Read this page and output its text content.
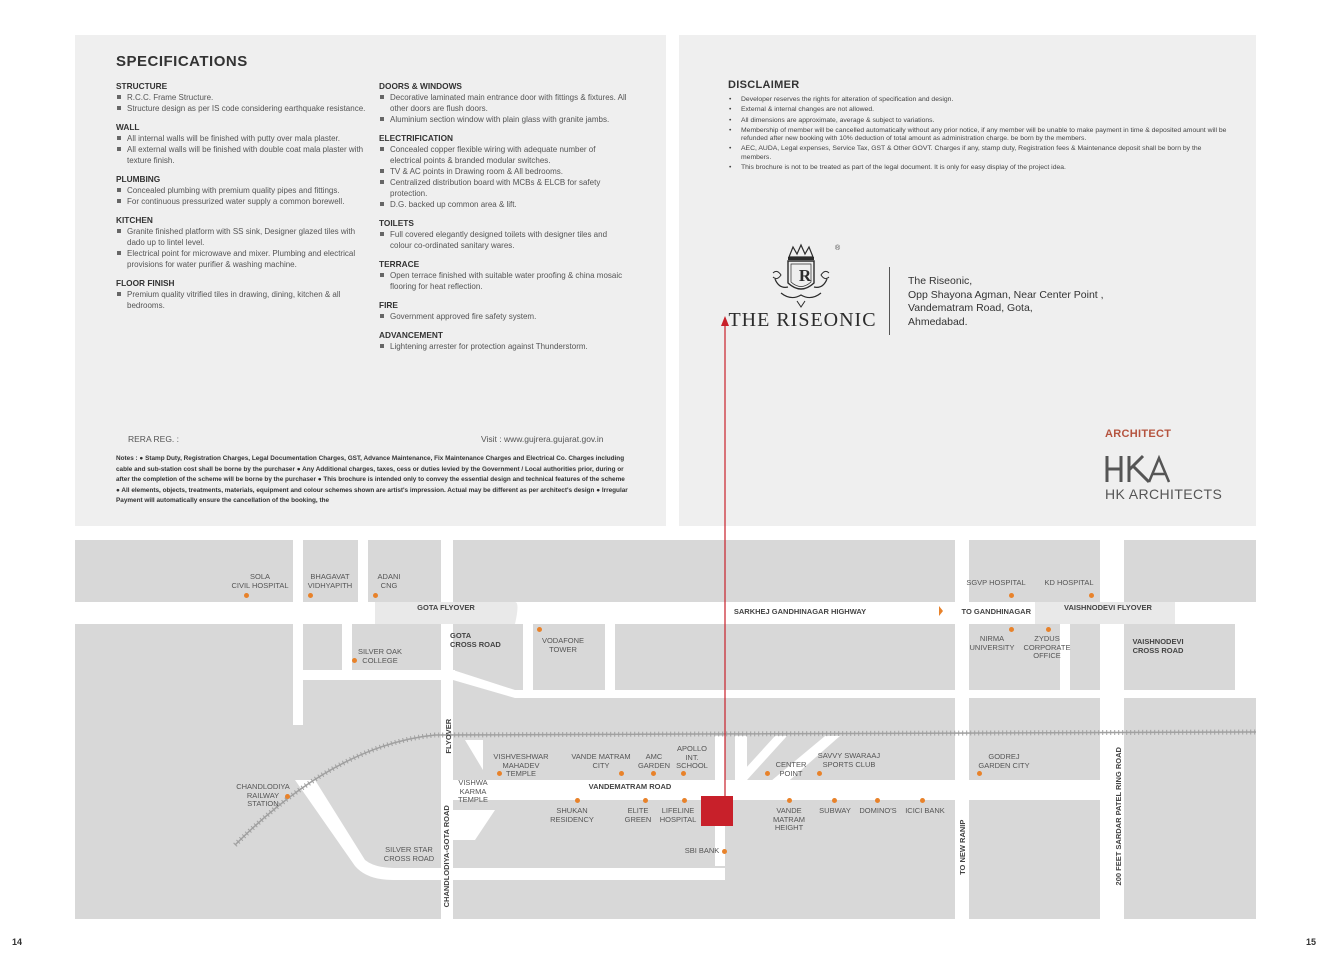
SPECIFICATIONS
STRUCTURE
R.C.C. Frame Structure.
Structure design as per IS code considering earthquake resistance.
WALL
All internal walls will be finished with putty over mala plaster.
All external walls will be finished with double coat mala plaster with texture finish.
PLUMBING
Concealed plumbing with premium quality pipes and fittings.
For continuous pressurized water supply a common borewell.
KITCHEN
Granite finished platform with SS sink, Designer glazed tiles with dado up to lintel level.
Electrical point for microwave and mixer. Plumbing and electrical provisions for water purifier & washing machine.
FLOOR FINISH
Premium quality vitrified tiles in drawing, dining, kitchen & all bedrooms.
DOORS & WINDOWS
Decorative laminated main entrance door with fittings & fixtures. All other doors are flush doors.
Aluminium section window with plain glass with granite jambs.
ELECTRIFICATION
Concealed copper flexible wiring with adequate number of electrical points & branded modular switches.
TV & AC points in Drawing room & All bedrooms.
Centralized distribution board with MCBs & ELCB for safety protection.
D.G. backed up common area & lift.
TOILETS
Full covered elegantly designed toilets with designer tiles and colour co-ordinated sanitary wares.
TERRACE
Open terrace finished with suitable water proofing & china mosaic flooring for heat reflection.
FIRE
Government approved fire safety system.
ADVANCEMENT
Lightening arrester for protection against Thunderstorm.
RERA REG. :	Visit : www.gujrera.gujarat.gov.in
Notes : ● Stamp Duty, Registration Charges, Legal Documentation Charges, GST, Advance Maintenance, Fix Maintenance Charges and Electrical Co. Charges including cable and sub-station cost shall be borne by the purchaser ● Any Additional charges, taxes, cess or duties levied by the Government / Local authorities prior, during or after the completion of the scheme will be borne by the purchaser ● This brochure is intended only to convey the essential design and technical features of the scheme ● All elements, objects, treatments, materials, equipment and colour schemes shown are artist's impression. Actual may be different as per architect's design ● Irregular Payment will automatically ensure the cancellation of the booking, the
DISCLAIMER
• Developer reserves the rights for alteration of specification and design.
• External & internal changes are not allowed.
• All dimensions are approximate, average & subject to variations.
• Membership of member will be cancelled automatically without any prior notice, if any member will be unable to make payment in time & deposited amount will be refunded after new booking with 10% deduction of total amount as administration charge. be born by the members.
• AEC, AUDA, Legal expenses, Service Tax, GST & Other GOVT. Charges if any, stamp duty, Registration fees & Maintenance deposit shall be born by the members.
• This brochure is not to be treated as part of the legal document. It is only for easy display of the project idea.
R
®
THE RISEONIC
The Riseonic,
Opp Shayona Agman, Near Center Point ,
Vandematram Road, Gota,
Ahmedabad.
ARCHITECT
HK ARCHITECTS
SOLA
CIVIL HOSPITAL
BHAGAVAT
VIDHYAPITH
ADANI
CNG
GOTA FLYOVER
GOTA
CROSS ROAD	VODAFONE
TOWER
SILVER OAK
COLLEGE
SARKHEJ GANDHINAGAR HIGHWAY	TO GANDHINAGAR
SGVP HOSPITAL	KD HOSPITAL
VAISHNODEVI FLYOVER
NIRMA
UNIVERSITY
ZYDUS
CORPORATE
OFFICE
VAISHNODEVI
CROSS ROAD
FLYOVER
VISHVESHWAR
MAHADEV
TEMPLE
VANDE MATRAM
CITY
AMC
GARDEN
APOLLO
INT.
SCHOOL	CENTER
POINT
SAVVY SWARAAJ
SPORTS CLUB
GODREJ
GARDEN CITY
CHANDLODIYA
RAILWAY
STATION
VISHWA
KARMA
TEMPLE
VANDEMATRAM ROAD
SHUKAN
RESIDENCY
ELITE
GREEN
LIFELINE
HOSPITAL
VANDE
MATRAM
HEIGHT
SUBWAY	DOMINO'S	ICICI BANK
SBI BANK
SILVER STAR
CROSS ROAD	CHANDLODIYA-GOTA ROAD	TO NEW RANIP	200 FEET SARDAR PATEL RING ROAD
14	15
